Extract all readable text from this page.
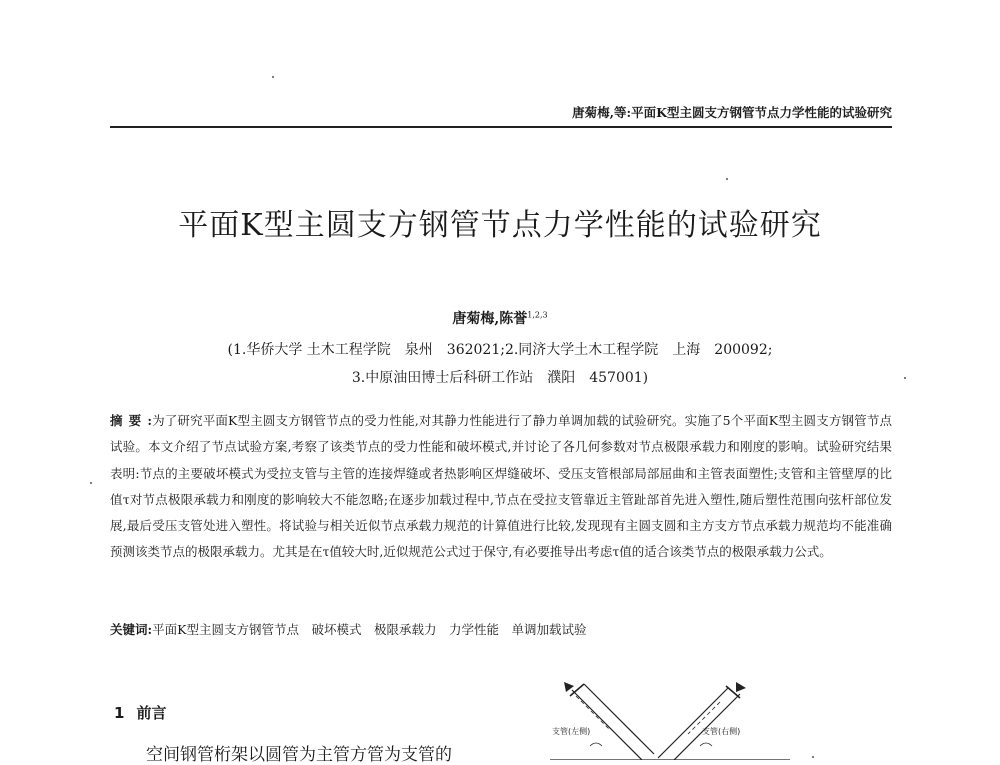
唐菊梅,等:平面K型主圆支方钢管节点力学性能的试验研究
平面K型主圆支方钢管节点力学性能的试验研究
唐菊梅,陈誉$^{1,2,3}$
(1.华侨大学 土木工程学院　泉州　362021;2.同济大学土木工程学院　上海　200092;
3.中原油田博士后科研工作站　濮阳　457001)
摘要:为了研究平面K型主圆支方钢管节点的受力性能,对其静力性能进行了静力单调加载的试验研究。实施了5个平面K型主圆支方钢管节点试验。本文介绍了节点试验方案,考察了该类节点的受力性能和破坏模式,并讨论了各几何参数对节点极限承载力和刚度的影响。试验研究结果表明:节点的主要破坏模式为受拉支管与主管的连接焊缝或者热影响区焊缝破坏、受压支管根部局部屈曲和主管表面塑性;支管和主管壁厚的比值τ对节点极限承载力和刚度的影响较大不能忽略;在逐步加载过程中,节点在受拉支管靠近主管趾部首先进入塑性,随后塑性范围向弦杆部位发展,最后受压支管处进入塑性。将试验与相关近似节点承载力规范的计算值进行比较,发现现有主圆支圆和主方支方节点承载力规范均不能准确预测该类节点的极限承载力。尤其是在τ值较大时,近似规范公式过于保守,有必要推导出考虑τ值的适合该类节点的极限承载力公式。
关键词:平面K型主圆支方钢管节点　破坏模式　极限承载力　力学性能　单调加载试验
1 前言
空间钢管桁架以圆管为主管方管为支管的
支管(左侧)	支管(右侧)
